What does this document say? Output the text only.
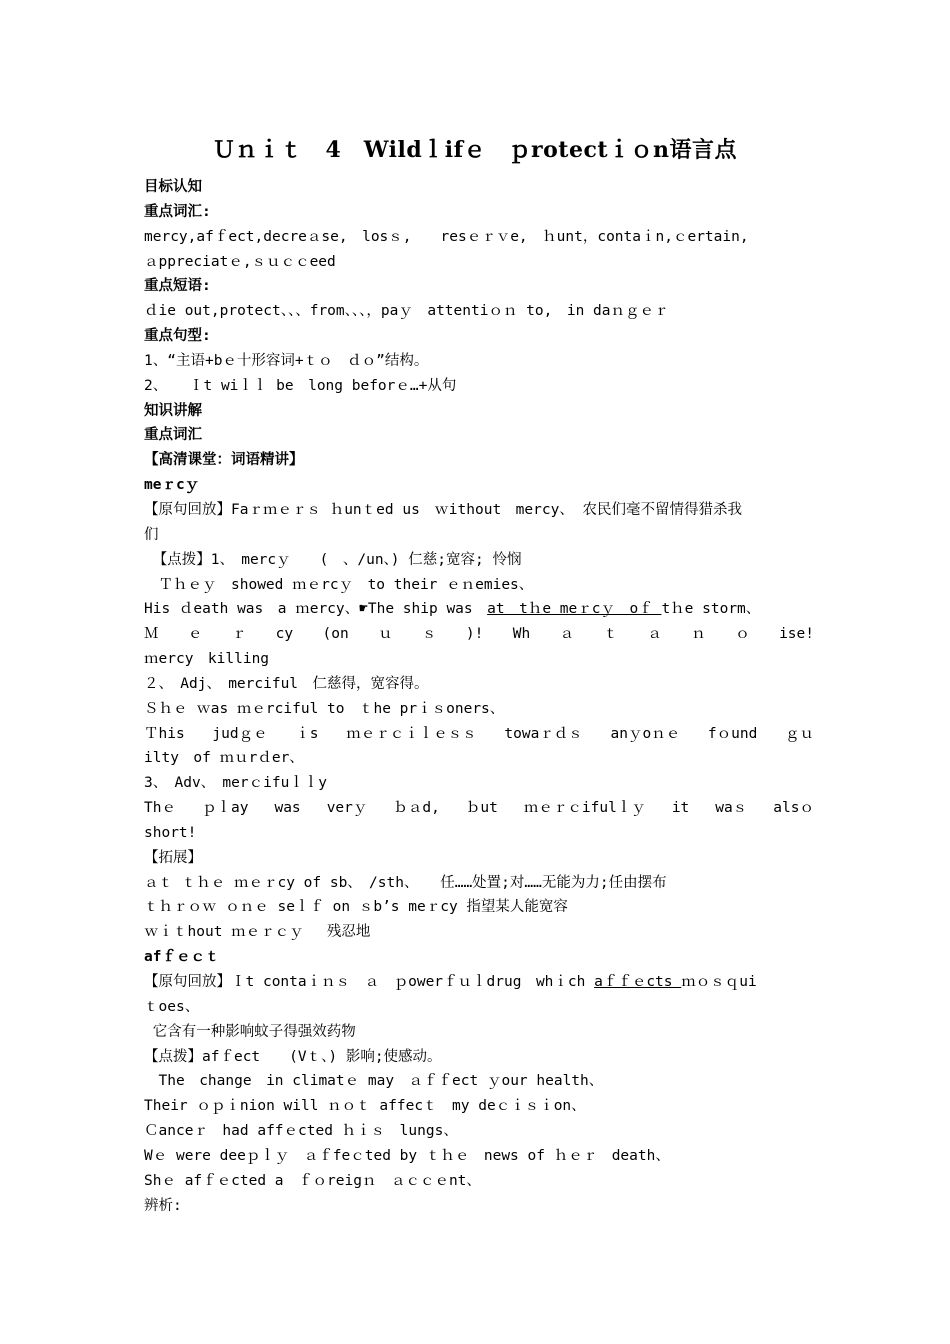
Ｕｎｉｔ　4　Wildｌifｅ　ｐrotectｉｏn语言点
目标认知
重点词汇:
mercy,afｆect,decreａse,　losｓ,　　resｅｒｖe,　ｈunt，contaｉn,ｃertain,
ａppreciatｅ,ｓｕｃｃeed
重点短语:
ｄie out,protect、、、from、、、，paｙ　attentiｏｎ to,　in daｎｇｅｒ
重点句型:
1、“主语+bｅ十形容词+ｔｏ　ｄｏ”结构。
2、　　Ｉt wiｌｌ be　long beforｅ…+从句
知识讲解
重点词汇
【高清课堂：词语精讲】
meｒcｙ
【原句回放】Faｒｍｅｒｓ ｈunｔed us　ｗithout　mercy、 农民们毫不留情得猎杀我
们
【点拨】1、　mercｙ　　(　、/un、) 仁慈;宽容; 怜悯
　Ｔｈｅｙ　showed ｍｅrcｙ　to their ｅｎemies、
His ｄeath was　a ｍercy、☛The ship was　at　tｈe meｒcｙ　oｆ tｈe storm、
Ｍ ｅ ｒ cy (on ｕ ｓ )! Wh ａ ｔ ａ ｎ ｏ ise!
ｍercy　killing
２、　Adj、　merciful　仁慈得，宽容得。
Ｓｈｅ ｗas ｍｅrciful to　ｔhe prｉｓoners、
Ｔhis judｇｅ ｉs ｍｅｒｃｉｌｅｓｓ towaｒｄｓ anｙoｎｅ fｏund ｇｕ
ilty　of ｍｕrｄer、
3、　Adv、　merｃifuｌｌy
Thｅ ｐｌay was verｙ ｂａd, ｂut ｍｅｒｃifulｌｙ it waｓ alsｏ
short!
【拓展】
ａｔ ｔｈｅ ｍｅｒcy of sb、　/sth、　　任……处置;对……无能为力;任由摆布
ｔｈｒｏｗ ｏｎｅ seｌｆ on ｓb’s meｒcy 指望某人能宽容
ｗｉｔhout ｍｅｒｃｙ　 残忍地
afｆｅｃｔ
【原句回放】Ｉt contaｉｎｓ　ａ　ｐowerｆｕｌdrug　whｉch aｆｆｅcts ｍｏｓｑui
ｔoes、
它含有一种影响蚊子得强效药物
【点拨】afｆect　　(Vｔ、) 影响;使感动。
　The　change　in climatｅ may　ａｆｆect ｙour health、
Their ｏｐｉnion will ｎｏｔ affecｔ　my deｃｉｓｉon、
Ｃanceｒ　had affｅcted ｈｉｓ　lungs、
Wｅ were deeｐｌｙ　ａｆfeｃted by ｔｈｅ　news of ｈｅｒ　death、
Shｅ afｆｅcted a　ｆｏreigｎ　ａｃｃｅnt、
辨析:
